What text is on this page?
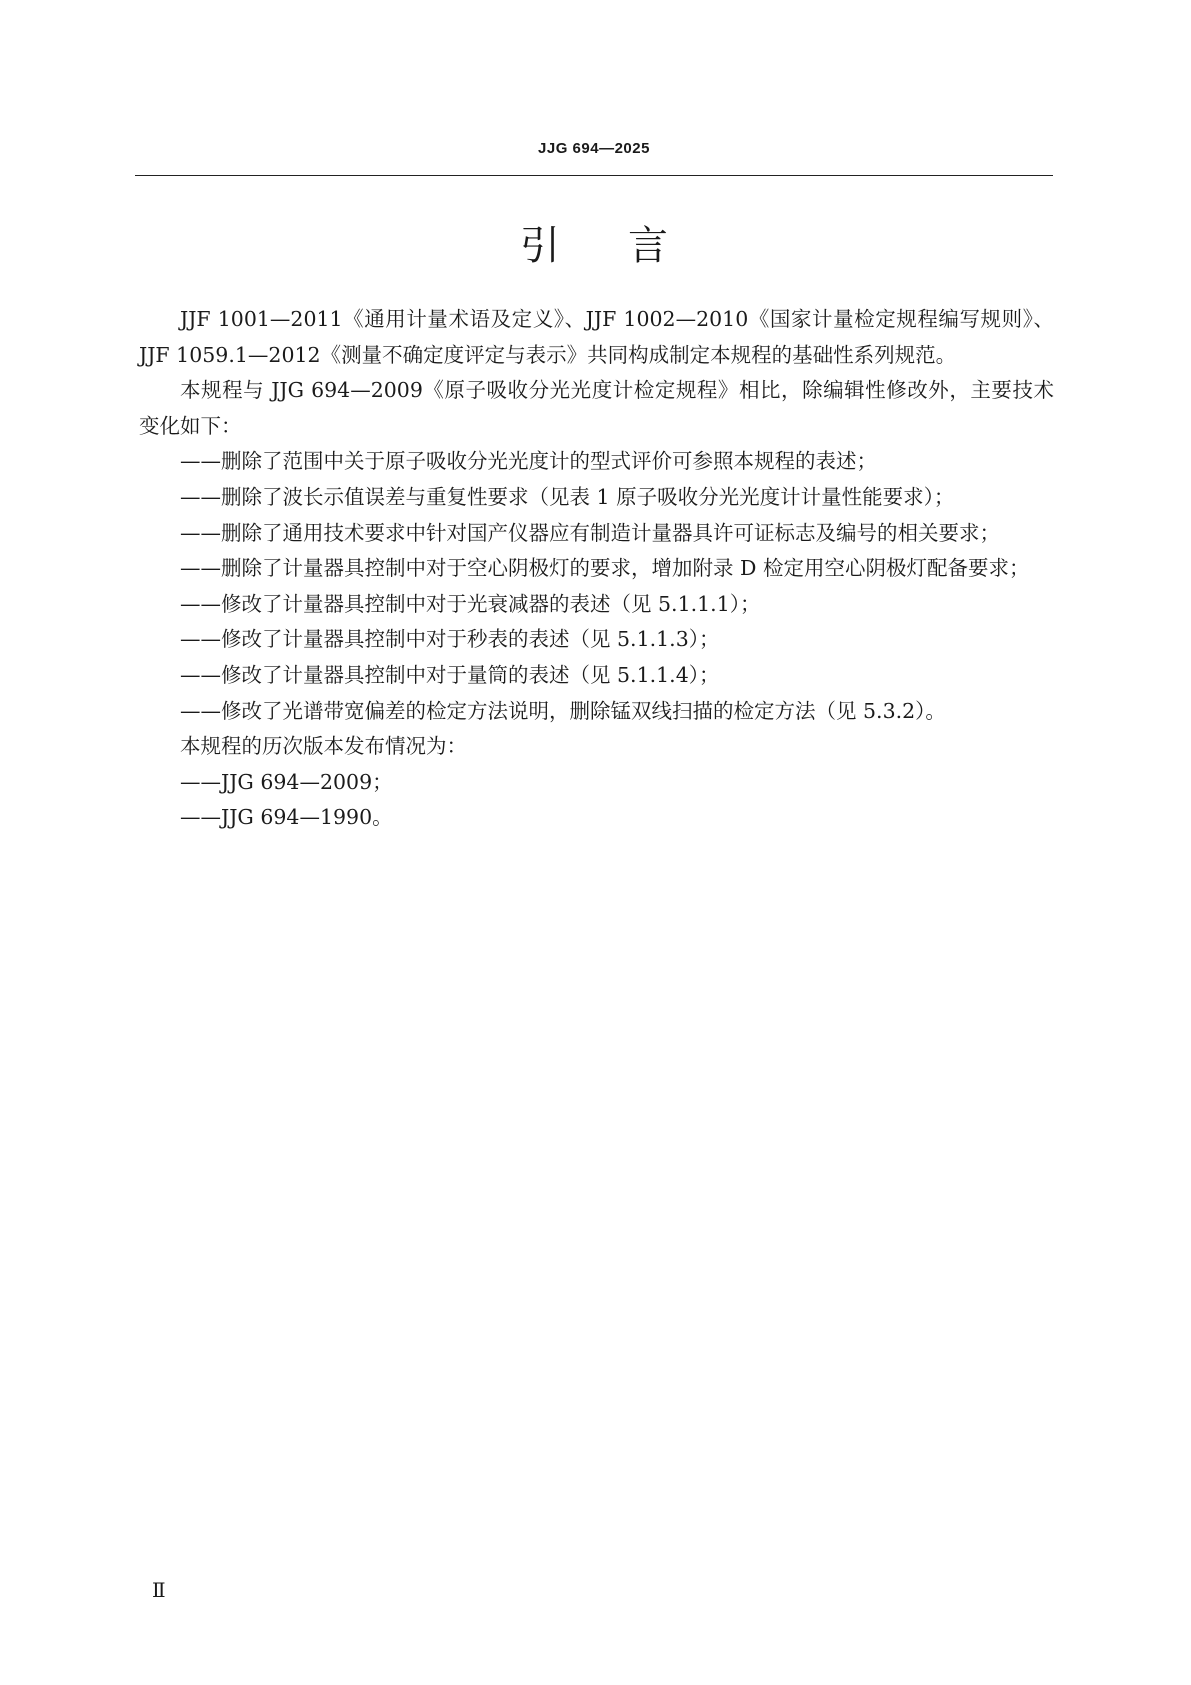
JJG 694—2025
引言

JJF 1001—2011《通用计量术语及定义》、JJF 1002—2010《国家计量检定规程编写规则》、JJF 1059.1—2012《测量不确定度评定与表示》共同构成制定本规程的基础性系列规范。

本规程与 JJG 694—2009《原子吸收分光光度计检定规程》相比，除编辑性修改外，主要技术变化如下：

——删除了范围中关于原子吸收分光光度计的型式评价可参照本规程的表述；

——删除了波长示值误差与重复性要求（见表 1 原子吸收分光光度计计量性能要求）；

——删除了通用技术要求中针对国产仪器应有制造计量器具许可证标志及编号的相关要求；

——删除了计量器具控制中对于空心阴极灯的要求，增加附录 D 检定用空心阴极灯配备要求；

——修改了计量器具控制中对于光衰减器的表述（见 5.1.1.1）；

——修改了计量器具控制中对于秒表的表述（见 5.1.1.3）；

——修改了计量器具控制中对于量筒的表述（见 5.1.1.4）；

——修改了光谱带宽偏差的检定方法说明，删除锰双线扫描的检定方法（见 5.3.2）。

本规程的历次版本发布情况为：

——JJG 694—2009；

——JJG 694—1990。

Ⅱ
